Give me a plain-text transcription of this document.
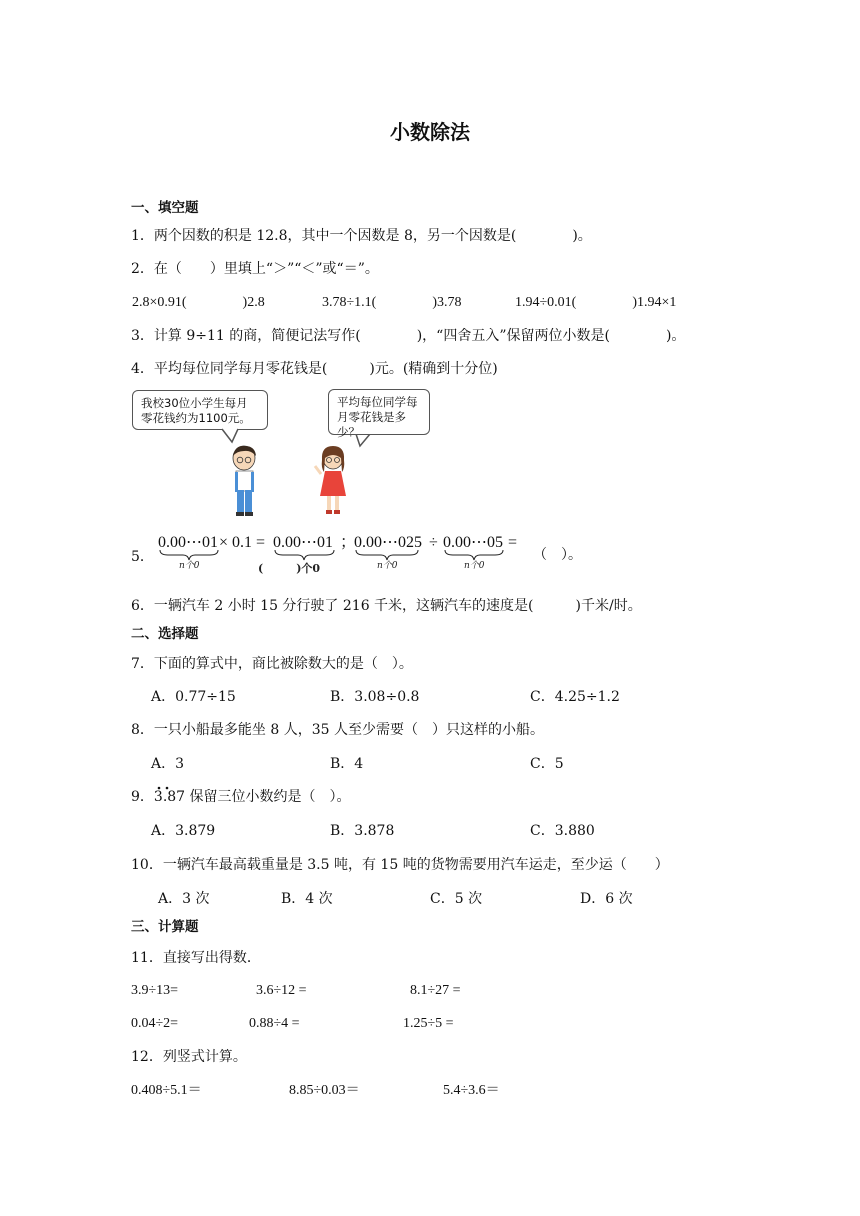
小数除法
一、填空题
1．两个因数的积是 12.8，其中一个因数是 8，另一个因数是(　　　　)。
2．在（　　）里填上“＞”“＜”或“＝”。
2.8×0.91(　　　　)2.8	3.78÷1.1(　　　　)3.78	1.94÷0.01(　　　　)1.94×1
3．计算 9÷11 的商，简便记法写作(　　　　)，“四舍五入”保留两位小数是(　　　　)。
4．平均每位同学每月零花钱是(　　　)元。(精确到十分位)
我校30位小学生每月零花钱约为1100元。
平均每位同学每月零花钱是多少？
5．
0.00⋯01 × 0.1 = 0.00⋯01 ；
0.00⋯025 ÷ 0.00⋯05 =
（　）。
n个0	(　　　)个0	n个0	n个0
6．一辆汽车 2 小时 15 分行驶了 216 千米，这辆汽车的速度是(　　　)千米/时。
二、选择题
7．下面的算式中，商比被除数大的是（　）。
A．0.77÷15	B．3.08÷0.8	C．4.25÷1.2
8．一只小船最多能坐 8 人，35 人至少需要（　）只这样的小船。
A．3	B．4	C．5
9．3.87 保留三位小数约是（　）。
A．3.879	B．3.878	C．3.880
10．一辆汽车最高载重量是 3.5 吨，有 15 吨的货物需要用汽车运走，至少运（　　）
A．3 次	B．4 次	C．5 次	D．6 次
三、计算题
11．直接写出得数．
3.9÷13=	3.6÷12 =	8.1÷27 =
0.04÷2=	0.88÷4 =	1.25÷5 =
12．列竖式计算。
0.408÷5.1＝	8.85÷0.03＝	5.4÷3.6＝
